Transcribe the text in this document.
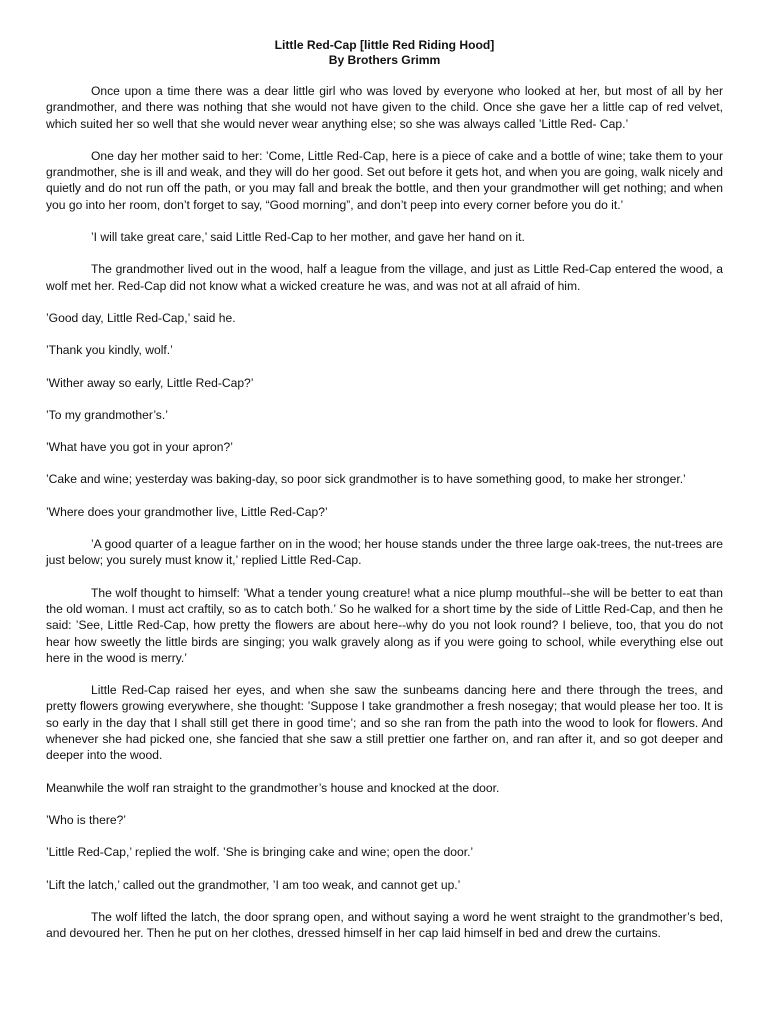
Little Red-Cap [little Red Riding Hood]
By Brothers Grimm

Once upon a time there was a dear little girl who was loved by everyone who looked at her, but most of all by her grandmother, and there was nothing that she would not have given to the child. Once she gave her a little cap of red velvet, which suited her so well that she would never wear anything else; so she was always called ’Little Red- Cap.’

One day her mother said to her: ’Come, Little Red-Cap, here is a piece of cake and a bottle of wine; take them to your grandmother, she is ill and weak, and they will do her good. Set out before it gets hot, and when you are going, walk nicely and quietly and do not run off the path, or you may fall and break the bottle, and then your grandmother will get nothing; and when you go into her room, don’t forget to say, “Good morning”, and don’t peep into every corner before you do it.’

’I will take great care,’ said Little Red-Cap to her mother, and gave her hand on it.

The grandmother lived out in the wood, half a league from the village, and just as Little Red-Cap entered the wood, a wolf met her. Red-Cap did not know what a wicked creature he was, and was not at all afraid of him.

’Good day, Little Red-Cap,’ said he.

’Thank you kindly, wolf.’

’Wither away so early, Little Red-Cap?’

’To my grandmother’s.’

’What have you got in your apron?’

’Cake and wine; yesterday was baking-day, so poor sick grandmother is to have something good, to make her stronger.’

’Where does your grandmother live, Little Red-Cap?’

’A good quarter of a league farther on in the wood; her house stands under the three large oak-trees, the nut-trees are just below; you surely must know it,’ replied Little Red-Cap.

The wolf thought to himself: ’What a tender young creature! what a nice plump mouthful--she will be better to eat than the old woman. I must act craftily, so as to catch both.’ So he walked for a short time by the side of Little Red-Cap, and then he said: ’See, Little Red-Cap, how pretty the flowers are about here--why do you not look round? I believe, too, that you do not hear how sweetly the little birds are singing; you walk gravely along as if you were going to school, while everything else out here in the wood is merry.’

Little Red-Cap raised her eyes, and when she saw the sunbeams dancing here and there through the trees, and pretty flowers growing everywhere, she thought: ’Suppose I take grandmother a fresh nosegay; that would please her too. It is so early in the day that I shall still get there in good time’; and so she ran from the path into the wood to look for flowers. And whenever she had picked one, she fancied that she saw a still prettier one farther on, and ran after it, and so got deeper and deeper into the wood.

Meanwhile the wolf ran straight to the grandmother’s house and knocked at the door.

’Who is there?’

’Little Red-Cap,’ replied the wolf. ’She is bringing cake and wine; open the door.’

’Lift the latch,’ called out the grandmother, ’I am too weak, and cannot get up.’

The wolf lifted the latch, the door sprang open, and without saying a word he went straight to the grandmother’s bed, and devoured her. Then he put on her clothes, dressed himself in her cap laid himself in bed and drew the curtains.
